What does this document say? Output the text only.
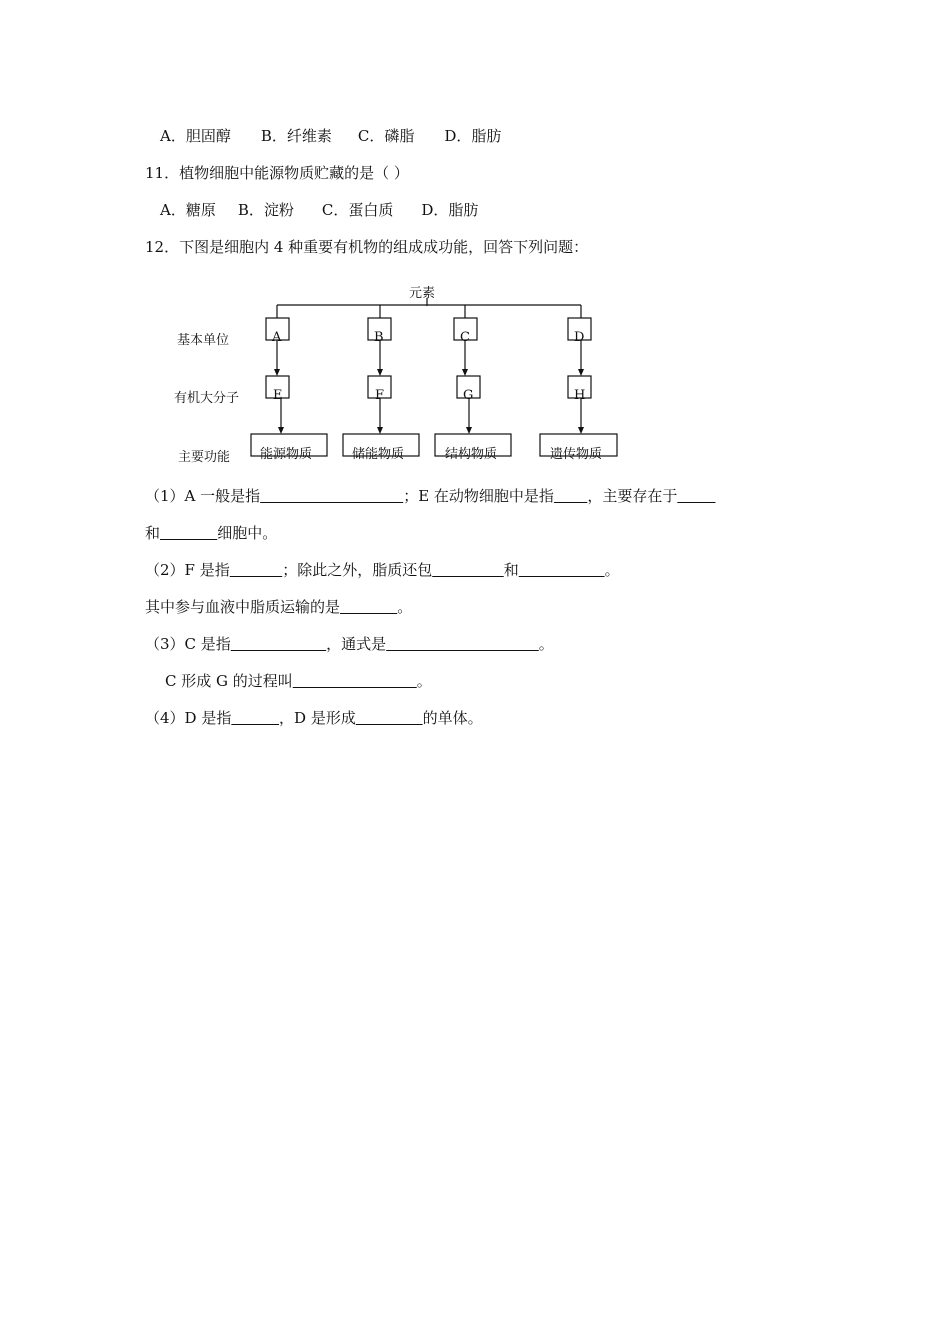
A．胆固醇 B．纤维素 C．磷脂 D．脂肪
11．植物细胞中能源物质贮藏的是（ ）
A．糖原 B．淀粉 C．蛋白质 D．脂肪
12．下图是细胞内 4 种重要有机物的组成成功能，回答下列问题：
元素
基本单位
有机大分子
主要功能
A	B	C	D
E	F	G	H
能源物质	储能物质	结构物质	遗传物质
（1）A 一般是指	；E 在动物细胞中是指 ，主要存在于
和	细胞中。
（2）F 是指	；除此之外，脂质还包	和	。
其中参与血液中脂质运输的是	。
（3）C 是指	，通式是	。
C 形成 G 的过程叫	。
（4）D 是指	，D 是形成	的单体。
